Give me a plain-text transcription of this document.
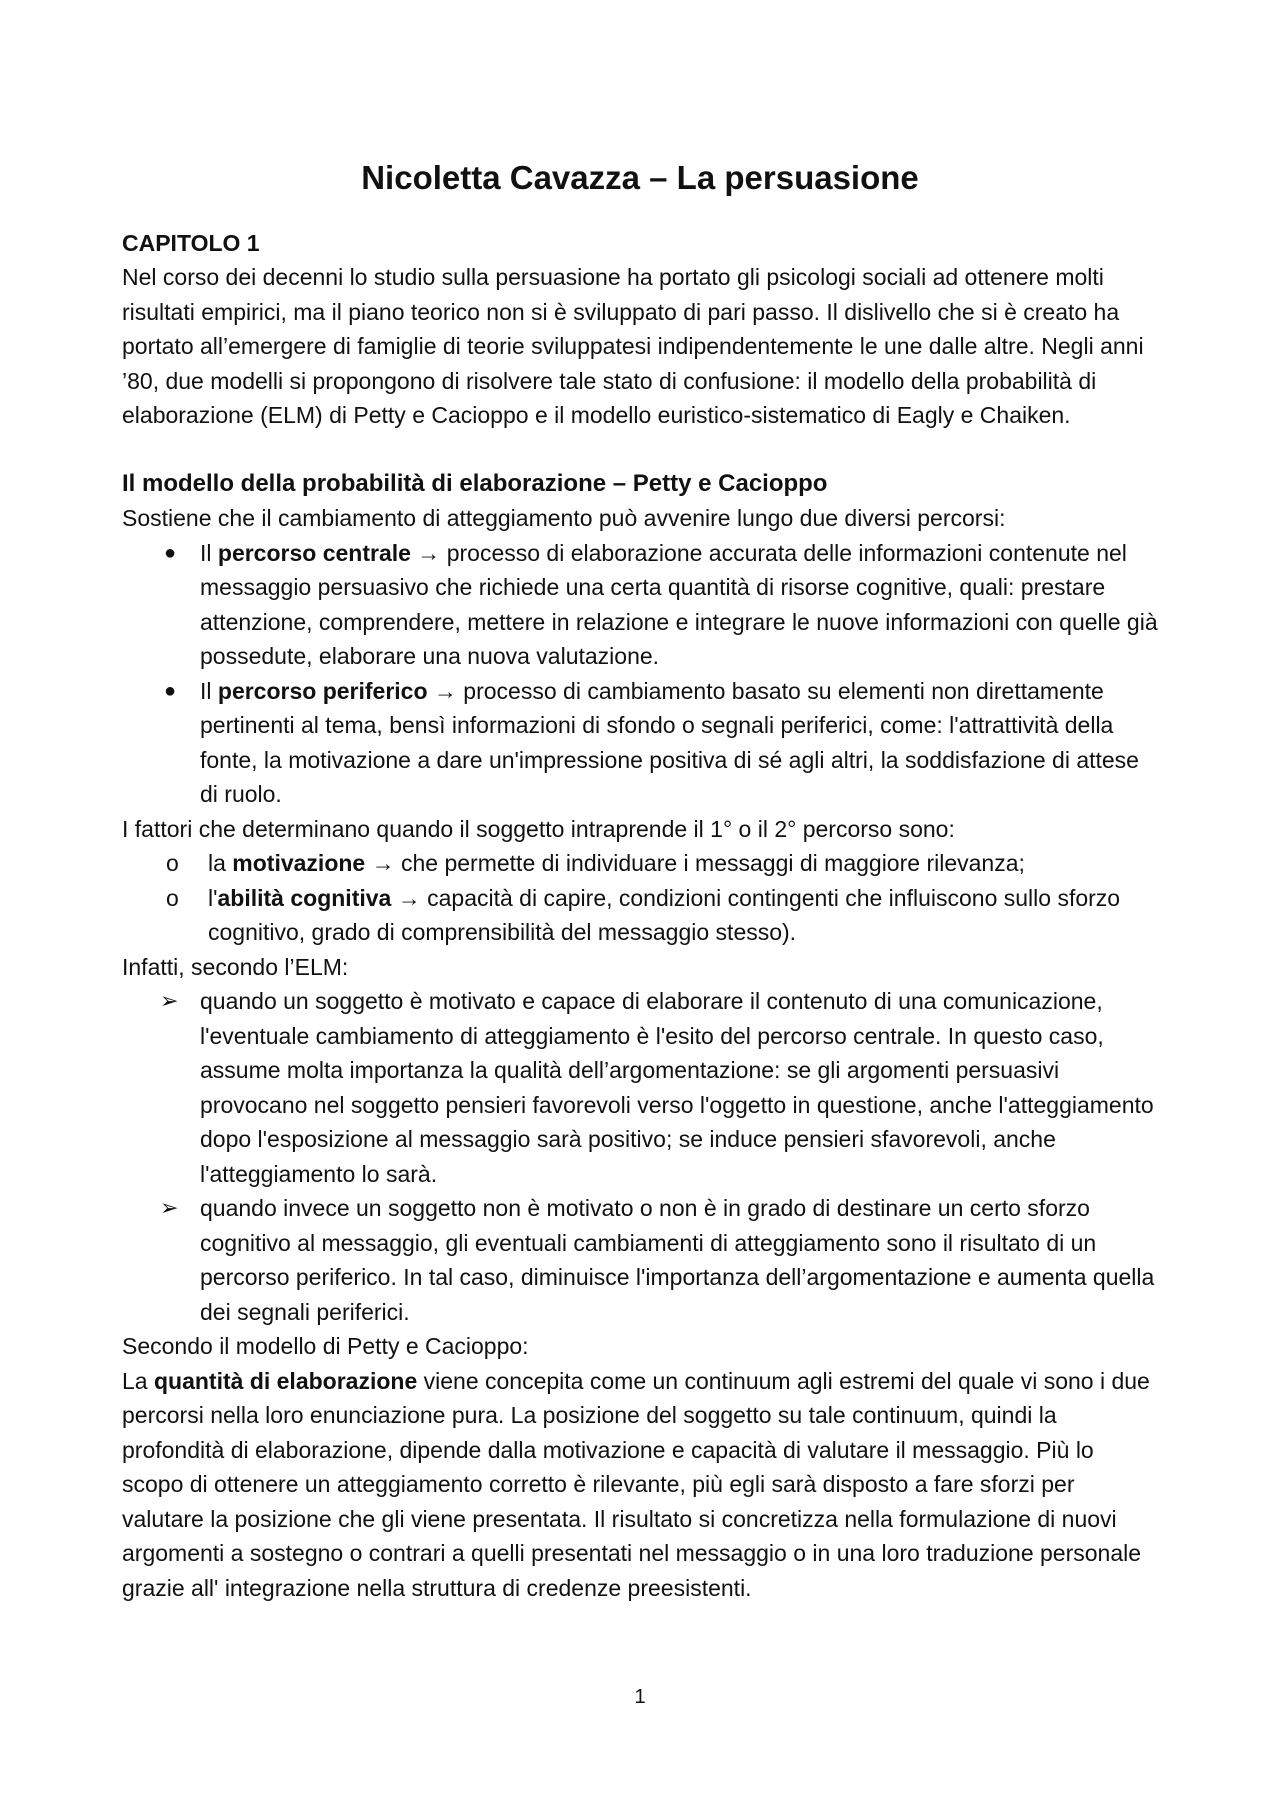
Nicoletta Cavazza – La persuasione
CAPITOLO 1

Nel corso dei decenni lo studio sulla persuasione ha portato gli psicologi sociali ad ottenere molti risultati empirici, ma il piano teorico non si è sviluppato di pari passo. Il dislivello che si è creato ha portato all’emergere di famiglie di teorie sviluppatesi indipendentemente le une dalle altre. Negli anni ’80, due modelli si propongono di risolvere tale stato di confusione: il modello della probabilità di elaborazione (ELM) di Petty e Cacioppo e il modello euristico-sistematico di Eagly e Chaiken.

Il modello della probabilità di elaborazione – Petty e Cacioppo

Sostiene che il cambiamento di atteggiamento può avvenire lungo due diversi percorsi:

● Il percorso centrale → processo di elaborazione accurata delle informazioni contenute nel messaggio persuasivo che richiede una certa quantità di risorse cognitive, quali: prestare attenzione, comprendere, mettere in relazione e integrare le nuove informazioni con quelle già possedute, elaborare una nuova valutazione.
● Il percorso periferico → processo di cambiamento basato su elementi non direttamente pertinenti al tema, bensì informazioni di sfondo o segnali periferici, come: l'attrattività della fonte, la motivazione a dare un'impressione positiva di sé agli altri, la soddisfazione di attese di ruolo.

I fattori che determinano quando il soggetto intraprende il 1° o il 2° percorso sono:

o la motivazione → che permette di individuare i messaggi di maggiore rilevanza;
o l'abilità cognitiva → capacità di capire, condizioni contingenti che influiscono sullo sforzo cognitivo, grado di comprensibilità del messaggio stesso).

Infatti, secondo l’ELM:

➢ quando un soggetto è motivato e capace di elaborare il contenuto di una comunicazione, l'eventuale cambiamento di atteggiamento è l'esito del percorso centrale. In questo caso, assume molta importanza la qualità dell’argomentazione: se gli argomenti persuasivi provocano nel soggetto pensieri favorevoli verso l'oggetto in questione, anche l'atteggiamento dopo l'esposizione al messaggio sarà positivo; se induce pensieri sfavorevoli, anche l'atteggiamento lo sarà.
➢ quando invece un soggetto non è motivato o non è in grado di destinare un certo sforzo cognitivo al messaggio, gli eventuali cambiamenti di atteggiamento sono il risultato di un percorso periferico. In tal caso, diminuisce l'importanza dell’argomentazione e aumenta quella dei segnali periferici.

Secondo il modello di Petty e Cacioppo:

La quantità di elaborazione viene concepita come un continuum agli estremi del quale vi sono i due percorsi nella loro enunciazione pura. La posizione del soggetto su tale continuum, quindi la profondità di elaborazione, dipende dalla motivazione e capacità di valutare il messaggio. Più lo scopo di ottenere un atteggiamento corretto è rilevante, più egli sarà disposto a fare sforzi per valutare la posizione che gli viene presentata. Il risultato si concretizza nella formulazione di nuovi argomenti a sostegno o contrari a quelli presentati nel messaggio o in una loro traduzione personale grazie all' integrazione nella struttura di credenze preesistenti.

1
